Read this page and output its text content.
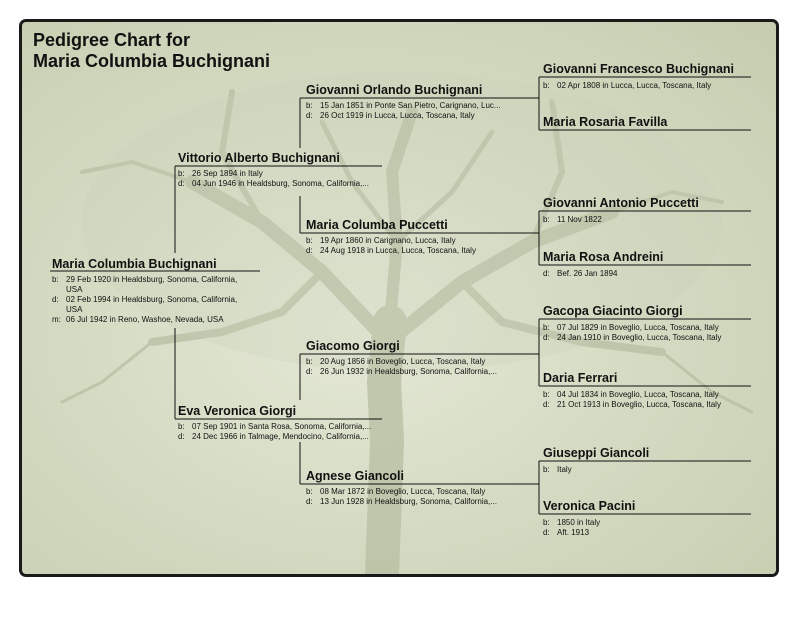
Pedigree Chart for
Maria Columbia Buchignani
Maria Columbia Buchignani
b: 29 Feb 1920 in Healdsburg, Sonoma, California,
USA
d: 02 Feb 1994 in Healdsburg, Sonoma, California,
USA
m: 06 Jul 1942 in Reno, Washoe, Nevada, USA
Vittorio Alberto Buchignani
b: 26 Sep 1894 in Italy
d: 04 Jun 1946 in Healdsburg, Sonoma, California,...
Eva Veronica Giorgi
b: 07 Sep 1901 in Santa Rosa, Sonoma, California,...
d: 24 Dec 1966 in Talmage, Mendocino, California,...
Giovanni Orlando Buchignani
b: 15 Jan 1851 in Ponte San Pietro, Carignano, Luc...
d: 26 Oct 1919 in Lucca, Lucca, Toscana, Italy
Maria Columba Puccetti
b: 19 Apr 1860 in Carignano, Lucca, Italy
d: 24 Aug 1918 in Lucca, Lucca, Toscana, Italy
Giacomo Giorgi
b: 20 Aug 1856 in Boveglio, Lucca, Toscana, Italy
d: 26 Jun 1932 in Healdsburg, Sonoma, California,...
Agnese Giancoli
b: 08 Mar 1872 in Boveglio, Lucca, Toscana, Italy
d: 13 Jun 1928 in Healdsburg, Sonoma, California,...
Giovanni Francesco Buchignani
b: 02 Apr 1808 in Lucca, Lucca, Toscana, Italy
Maria Rosaria Favilla
Giovanni Antonio Puccetti
b: 11 Nov 1822
Maria Rosa Andreini
d: Bef. 26 Jan 1894
Gacopa Giacinto Giorgi
b: 07 Jul 1829 in Boveglio, Lucca, Toscana, Italy
d: 24 Jan 1910 in Boveglio, Lucca, Toscana, Italy
Daria Ferrari
b: 04 Jul 1834 in Boveglio, Lucca, Toscana, Italy
d: 21 Oct 1913 in Boveglio, Lucca, Toscana, Italy
Giuseppi Giancoli
b: Italy
Veronica Pacini
b: 1850 in Italy
d: Aft. 1913
